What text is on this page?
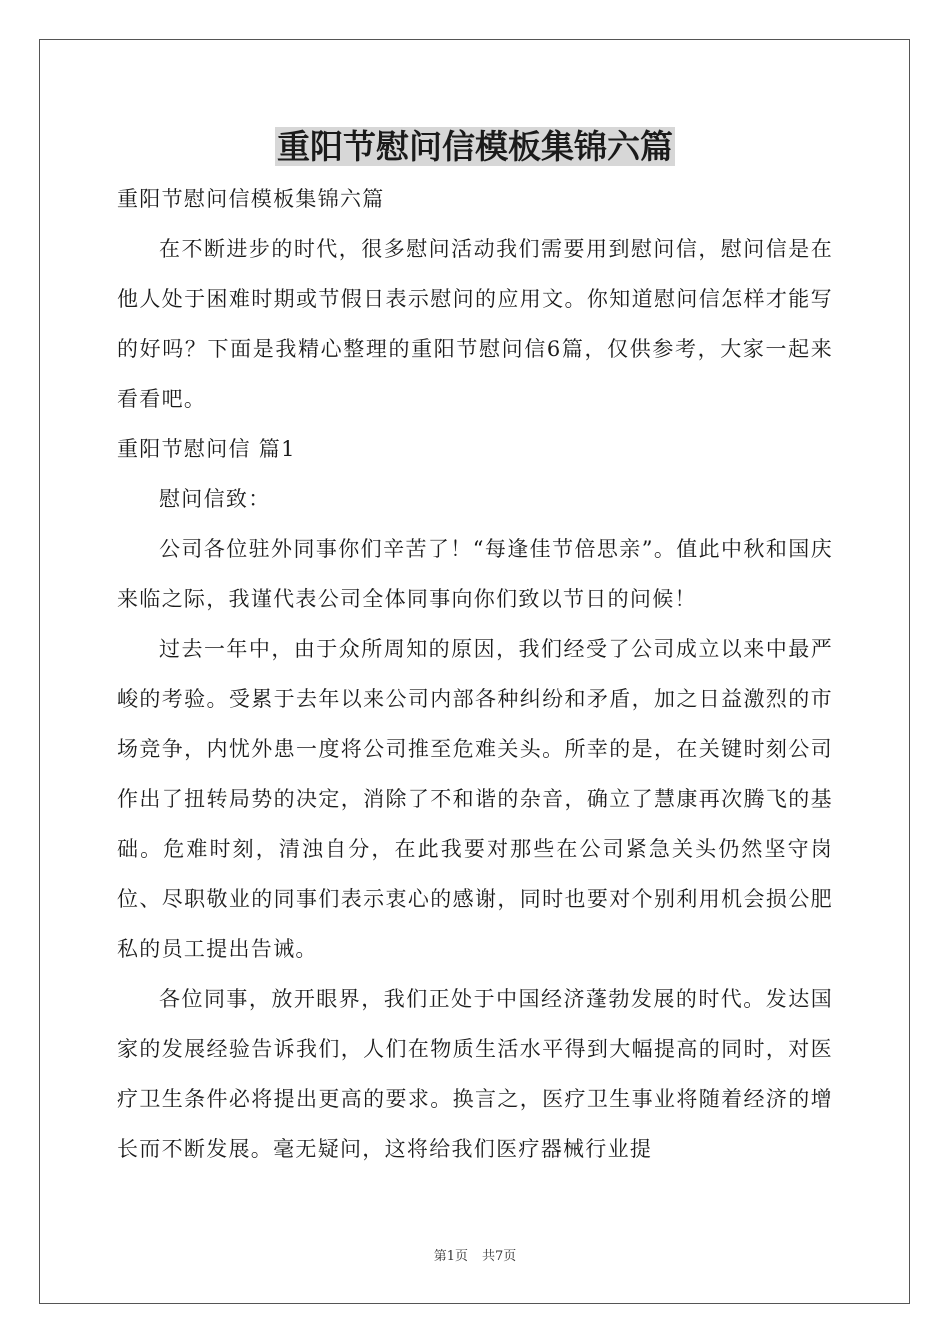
重阳节慰问信模板集锦六篇

重阳节慰问信模板集锦六篇

在不断进步的时代，很多慰问活动我们需要用到慰问信，慰问信是在他人处于困难时期或节假日表示慰问的应用文。你知道慰问信怎样才能写的好吗？下面是我精心整理的重阳节慰问信6篇，仅供参考，大家一起来看看吧。

重阳节慰问信 篇1

慰问信致：

公司各位驻外同事你们辛苦了！“每逢佳节倍思亲”。值此中秋和国庆来临之际，我谨代表公司全体同事向你们致以节日的问候！

过去一年中，由于众所周知的原因，我们经受了公司成立以来中最严峻的考验。受累于去年以来公司内部各种纠纷和矛盾，加之日益激烈的市场竞争，内忧外患一度将公司推至危难关头。所幸的是，在关键时刻公司作出了扭转局势的决定，消除了不和谐的杂音，确立了慧康再次腾飞的基础。危难时刻，清浊自分，在此我要对那些在公司紧急关头仍然坚守岗位、尽职敬业的同事们表示衷心的感谢，同时也要对个别利用机会损公肥私的员工提出告诫。

各位同事，放开眼界，我们正处于中国经济蓬勃发展的时代。发达国家的发展经验告诉我们，人们在物质生活水平得到大幅提高的同时，对医疗卫生条件必将提出更高的要求。换言之，医疗卫生事业将随着经济的增长而不断发展。毫无疑问，这将给我们医疗器械行业提

第1页 共7页
